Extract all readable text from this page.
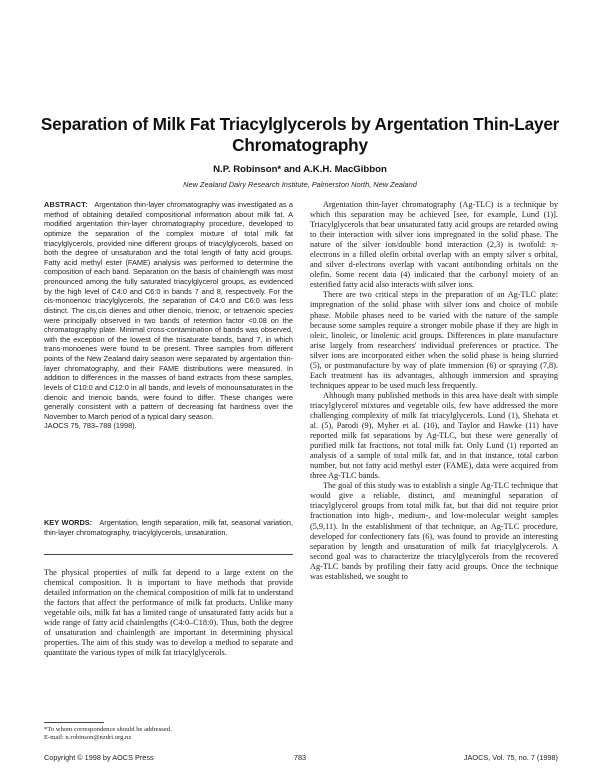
Separation of Milk Fat Triacylglycerols by Argentation Thin-Layer Chromatography
N.P. Robinson* and A.K.H. MacGibbon
New Zealand Dairy Research Institute, Palmerston North, New Zealand

ABSTRACT: Argentation thin-layer chromatography was investigated as a method of obtaining detailed compositional information about milk fat. A modified argentation thin-layer chromatography procedure, developed to optimize the separation of the complex mixture of total milk fat triacylglycerols, provided nine different groups of triacylglycerols, based on both the degree of unsaturation and the total length of fatty acid groups. Fatty acid methyl ester (FAME) analysis was performed to determine the composition of each band. Separation on the basis of chainlength was most pronounced among the fully saturated triacylglycerol groups, as evidenced by the high level of C4:0 and C6:0 in bands 7 and 8, respectively. For the cis-monoenoic triacylglycerols, the separation of C4:0 and C6:0 was less distinct. The cis,cis dienes and other dienoic, trienoic, or tetraenoic species were principally observed in two bands of retention factor <0.08 on the chromatography plate. Minimal cross-contamination of bands was observed, with the exception of the lowest of the trisaturate bands, band 7, in which trans-monoenes were found to be present. Three samples from different points of the New Zealand dairy season were separated by argentation thin-layer chromatography, and their FAME distributions were measured. In addition to differences in the masses of band extracts from these samples, levels of C10:0 and C12:0 in all bands, and levels of monounsaturates in the dienoic and trienoic bands, were found to differ. These changes were generally consistent with a pattern of decreasing fat hardness over the November to March period of a typical dairy season.
JAOCS 75, 783–788 (1998).

KEY WORDS: Argentation, length separation, milk fat, seasonal variation, thin-layer chromatography, triacylglycerols, unsaturation.

The physical properties of milk fat depend to a large extent on the chemical composition. It is important to have methods that provide detailed information on the chemical composition of milk fat to understand the factors that affect the performance of milk fat products. Unlike many vegetable oils, milk fat has a limited range of unsaturated fatty acids but a wide range of fatty acid chainlengths (C4:0–C18:0). Thus, both the degree of unsaturation and chainlength are important in determining physical properties. The aim of this study was to develop a method to separate and quantitate the various types of milk fat triacylglycerols.

*To whom correspondence should be addressed.
E-mail: n.robinson@nzdri.org.nz

Argentation thin-layer chromatography (Ag-TLC) is a technique by which this separation may be achieved [see, for example, Lund (1)]. Triacylglycerols that bear unsaturated fatty acid groups are retarded owing to their interaction with silver ions impregnated in the solid phase. The nature of the silver ion/double bond interaction (2,3) is twofold: π-electrons in a filled olefin orbital overlap with an empty silver s orbital, and silver d-electrons overlap with vacant antibonding orbitals on the olefin. Some recent data (4) indicated that the carbonyl moiety of an esterified fatty acid also interacts with silver ions.

There are two critical steps in the preparation of an Ag-TLC plate: impregnation of the solid phase with silver ions and choice of mobile phase. Mobile phases need to be varied with the nature of the sample because some samples require a stronger mobile phase if they are high in oleic, linoleic, or linolenic acid groups. Differences in plate manufacture arise largely from researchers' individual preferences or practice. The silver ions are incorporated either when the solid phase is being slurried (5), or postmanufacture by way of plate immersion (6) or spraying (7,8). Each treatment has its advantages, although immersion and spraying techniques appear to be used much less frequently.

Although many published methods in this area have dealt with simple triacylglycerol mixtures and vegetable oils, few have addressed the more challenging complexity of milk fat triacylglycerols. Lund (1), Shehata et al. (5), Parodi (9), Myher et al. (10), and Taylor and Hawke (11) have reported milk fat separations by Ag-TLC, but these were generally of purified milk fat fractions, not total milk fat. Only Lund (1) reported an analysis of a sample of total milk fat, and in that instance, total carbon number, but not fatty acid methyl ester (FAME), data were acquired from three Ag-TLC bands.

The goal of this study was to establish a single Ag-TLC technique that would give a reliable, distinct, and meaningful separation of triacylglycerol groups from total milk fat, but that did not require prior fractionation into high-, medium-, and low-molecular weight samples (5,9,11). In the establishment of that technique, an Ag-TLC procedure, developed for confectionery fats (6), was found to provide an interesting separation by length and unsaturation of milk fat triacylglycerols. A second goal was to characterize the triacylglycerols from the recovered Ag-TLC bands by profiling their fatty acid groups. Once the technique was established, we sought to

Copyright © 1998 by AOCS Press	783	JAOCS, Vol. 75, no. 7 (1998)
